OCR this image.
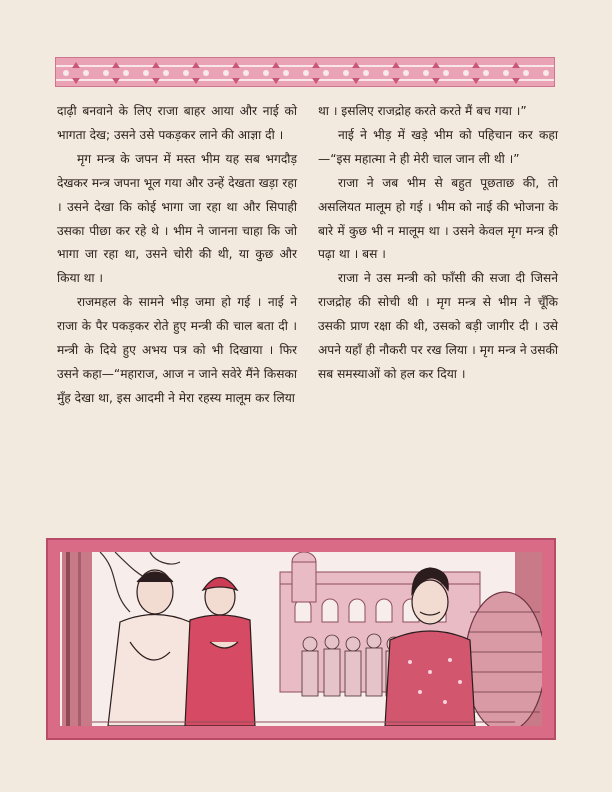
दाढ़ी बनवाने के लिए राजा बाहर आया और नाई को भागता देख; उसने उसे पकड़कर लाने की आज्ञा दी ।

मृग मन्त्र के जपन में मस्त भीम यह सब भगदौड़ देखकर मन्त्र जपना भूल गया और उन्हें देखता खड़ा रहा । उसने देखा कि कोई भागा जा रहा था और सिपाही उसका पीछा कर रहे थे । भीम ने जानना चाहा कि जो भागा जा रहा था, उसने चोरी की थी, या कुछ और किया था ।

राजमहल के सामने भीड़ जमा हो गई । नाई ने राजा के पैर पकड़कर रोते हुए मन्त्री की चाल बता दी । मन्त्री के दिये हुए अभय पत्र को भी दिखाया । फिर उसने कहा—“महाराज, आज न जाने सवेरे मैंने किसका मुँह देखा था, इस आदमी ने मेरा रहस्य मालूम कर लिया

था । इसलिए राजद्रोह करते करते मैं बच गया ।”

नाई ने भीड़ में खड़े भीम को पहिचान कर कहा—“इस महात्मा ने ही मेरी चाल जान ली थी ।”

राजा ने जब भीम से बहुत पूछताछ की, तो असलियत मालूम हो गई । भीम को नाई की भोजना के बारे में कुछ भी न मालूम था । उसने केवल मृग मन्त्र ही पढ़ा था । बस ।

राजा ने उस मन्त्री को फाँसी की सजा दी जिसने राजद्रोह की सोची थी । मृग मन्त्र से भीम ने चूँकि उसकी प्राण रक्षा की थी, उसको बड़ी जागीर दी । उसे अपने यहाँ ही नौकरी पर रख लिया । मृग मन्त्र ने उसकी सब समस्याओं को हल कर दिया ।
